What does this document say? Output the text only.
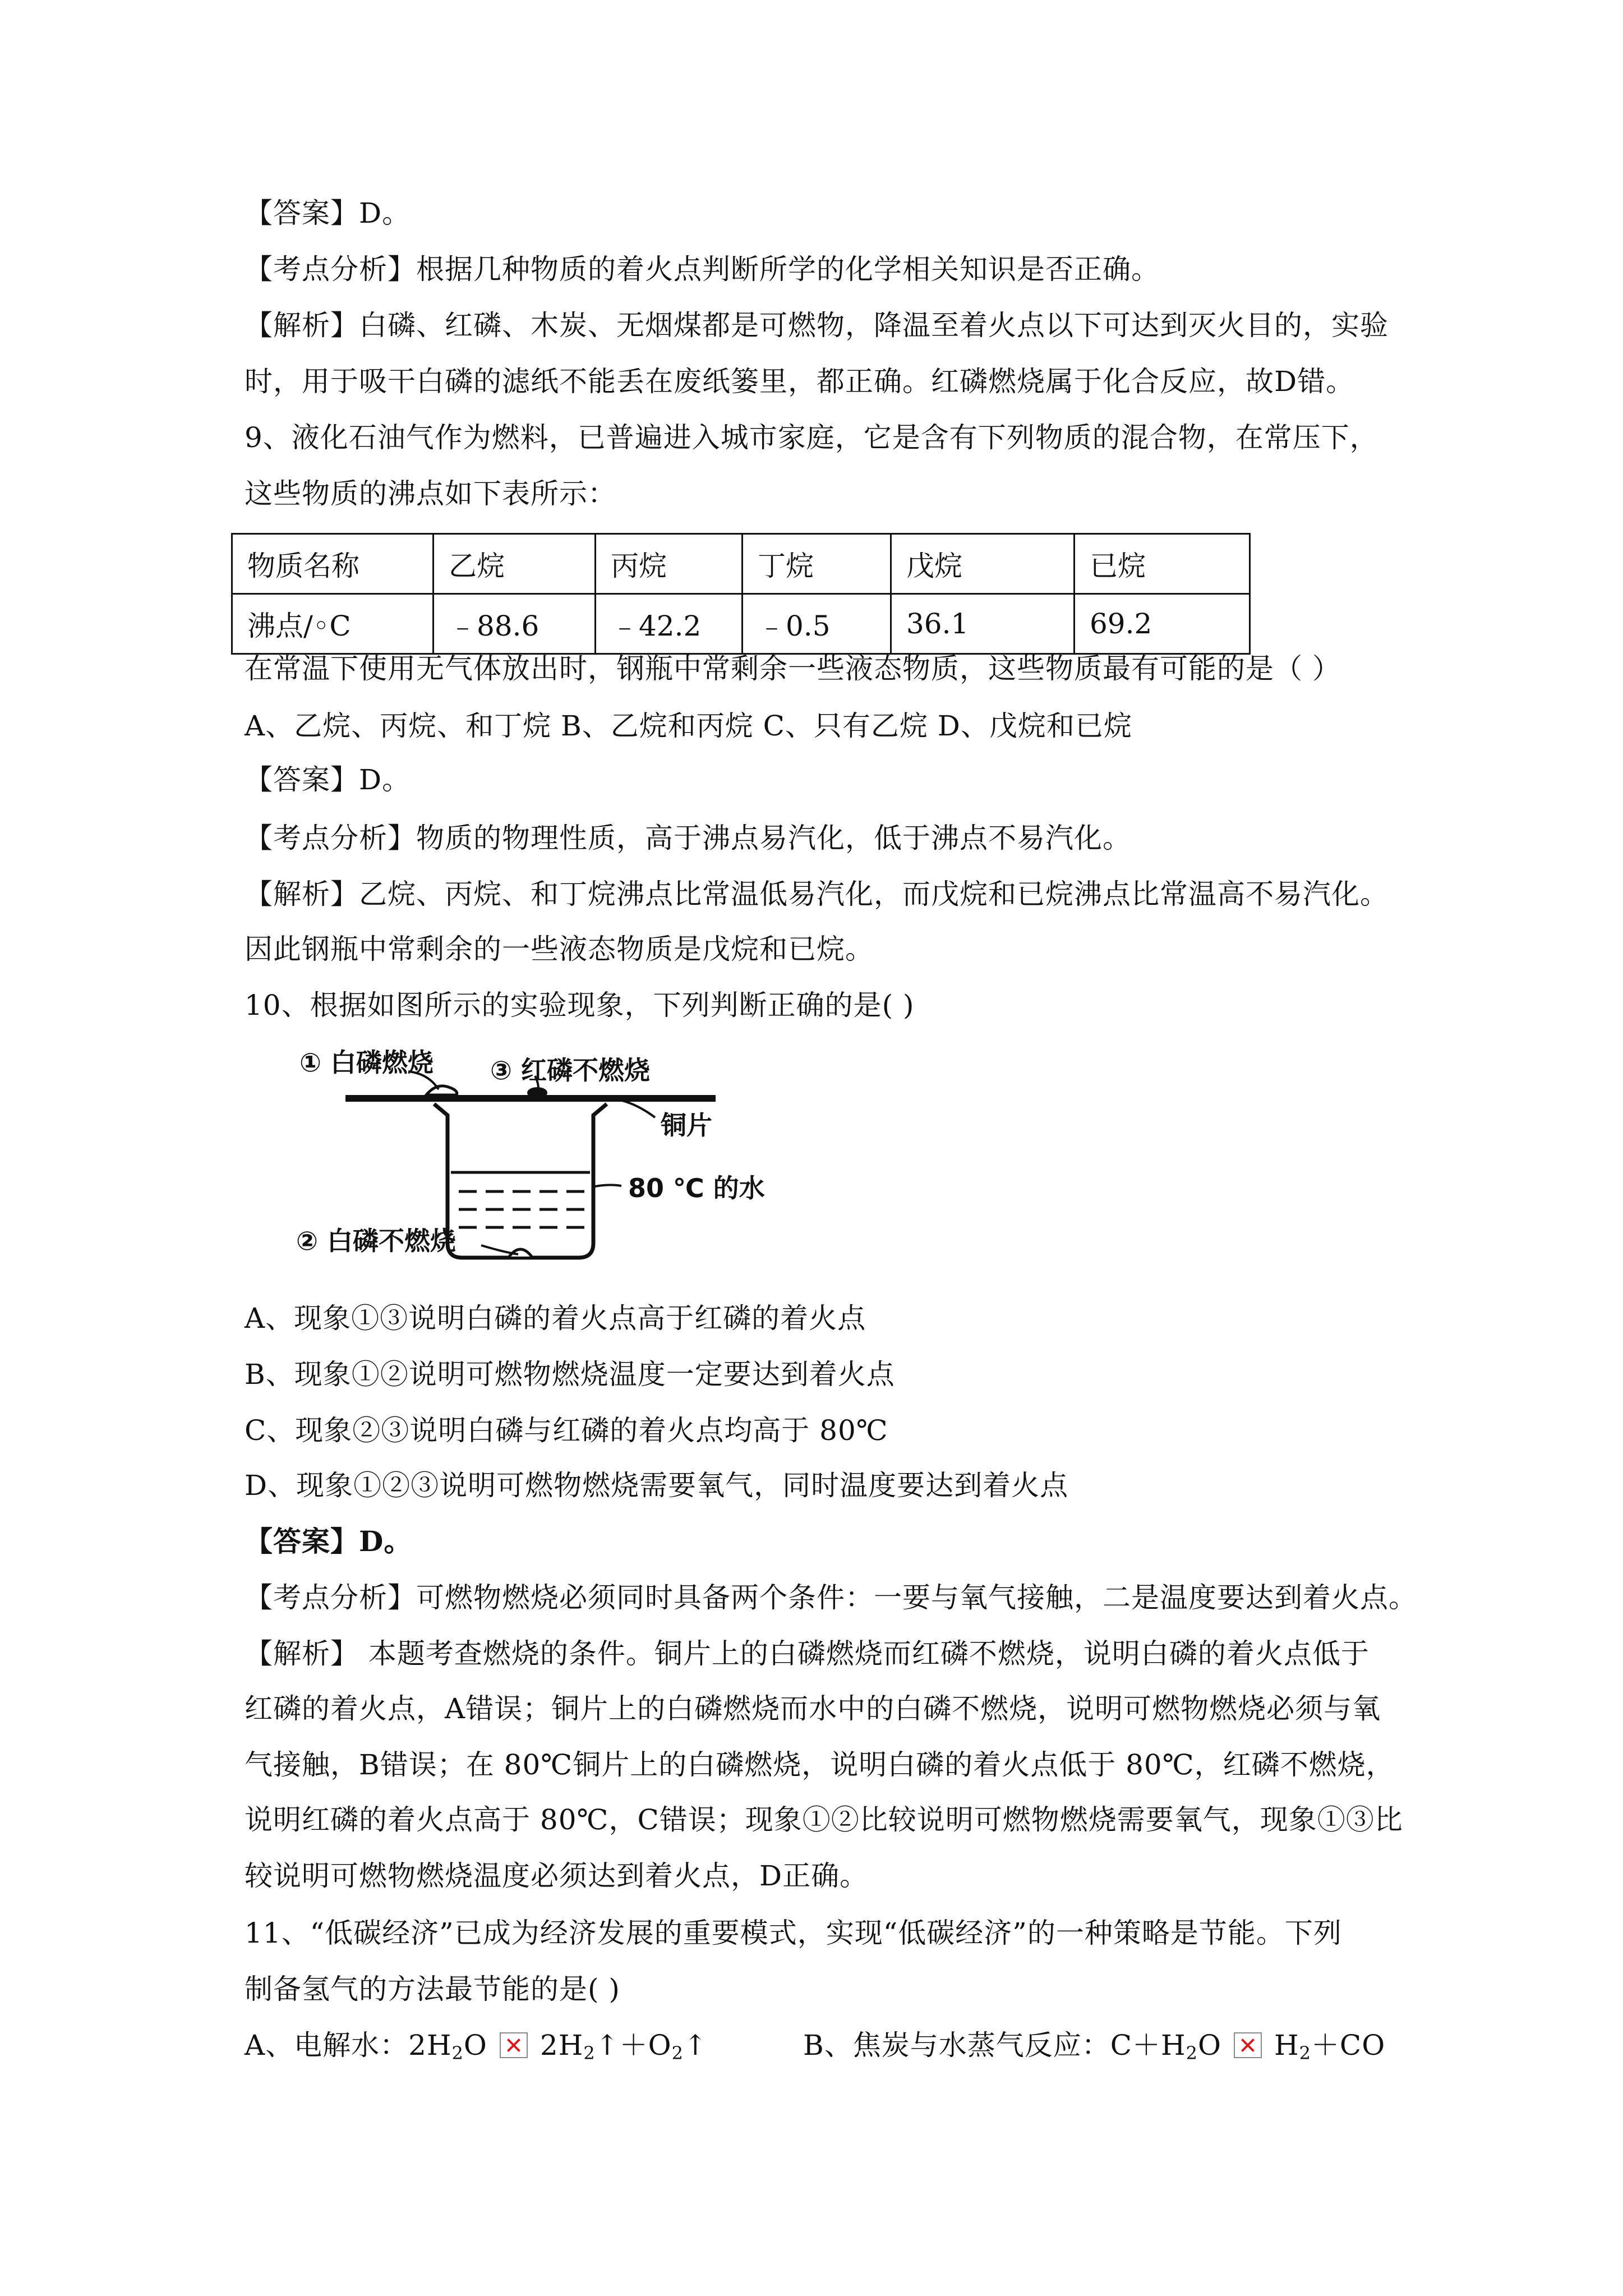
【答案】D。
【考点分析】根据几种物质的着火点判断所学的化学相关知识是否正确。
【解析】白磷、红磷、木炭、无烟煤都是可燃物，降温至着火点以下可达到灭火目的，实验
时，用于吸干白磷的滤纸不能丢在废纸篓里，都正确。红磷燃烧属于化合反应，故D错。
9、液化石油气作为燃料，已普遍进入城市家庭，它是含有下列物质的混合物，在常压下，
这些物质的沸点如下表所示：
物质名称	乙烷	丙烷	丁烷	戊烷	已烷
沸点/◦C	﹣88.6	﹣42.2	﹣0.5	36.1	69.2
在常温下使用无气体放出时，钢瓶中常剩余一些液态物质，这些物质最有可能的是（ ）
A、乙烷、丙烷、和丁烷 B、乙烷和丙烷 C、只有乙烷 D、戊烷和已烷
【答案】D。
【考点分析】物质的物理性质，高于沸点易汽化，低于沸点不易汽化。
【解析】乙烷、丙烷、和丁烷沸点比常温低易汽化，而戊烷和已烷沸点比常温高不易汽化。
因此钢瓶中常剩余的一些液态物质是戊烷和已烷。
10、根据如图所示的实验现象，下列判断正确的是( )
① 白磷燃烧 ③ 红磷不燃烧
铜片
80 ℃ 的水
② 白磷不燃烧
A、现象①③说明白磷的着火点高于红磷的着火点
B、现象①②说明可燃物燃烧温度一定要达到着火点
C、现象②③说明白磷与红磷的着火点均高于 80℃
D、现象①②③说明可燃物燃烧需要氧气，同时温度要达到着火点
【答案】D。
【考点分析】可燃物燃烧必须同时具备两个条件：一要与氧气接触，二是温度要达到着火点。
【解析】 本题考查燃烧的条件。铜片上的白磷燃烧而红磷不燃烧，说明白磷的着火点低于
红磷的着火点，A错误；铜片上的白磷燃烧而水中的白磷不燃烧，说明可燃物燃烧必须与氧
气接触，B错误；在 80℃铜片上的白磷燃烧，说明白磷的着火点低于 80℃，红磷不燃烧，
说明红磷的着火点高于 80℃，C错误；现象①②比较说明可燃物燃烧需要氧气，现象①③比
较说明可燃物燃烧温度必须达到着火点，D正确。
11、“低碳经济”已成为经济发展的重要模式，实现“低碳经济”的一种策略是节能。下列
制备氢气的方法最节能的是( )
A、电解水：$2H_2O$ $2H_2↑+O_2↑$	B、焦炭与水蒸气反应：$C+H_2O$ $H_2+CO$
